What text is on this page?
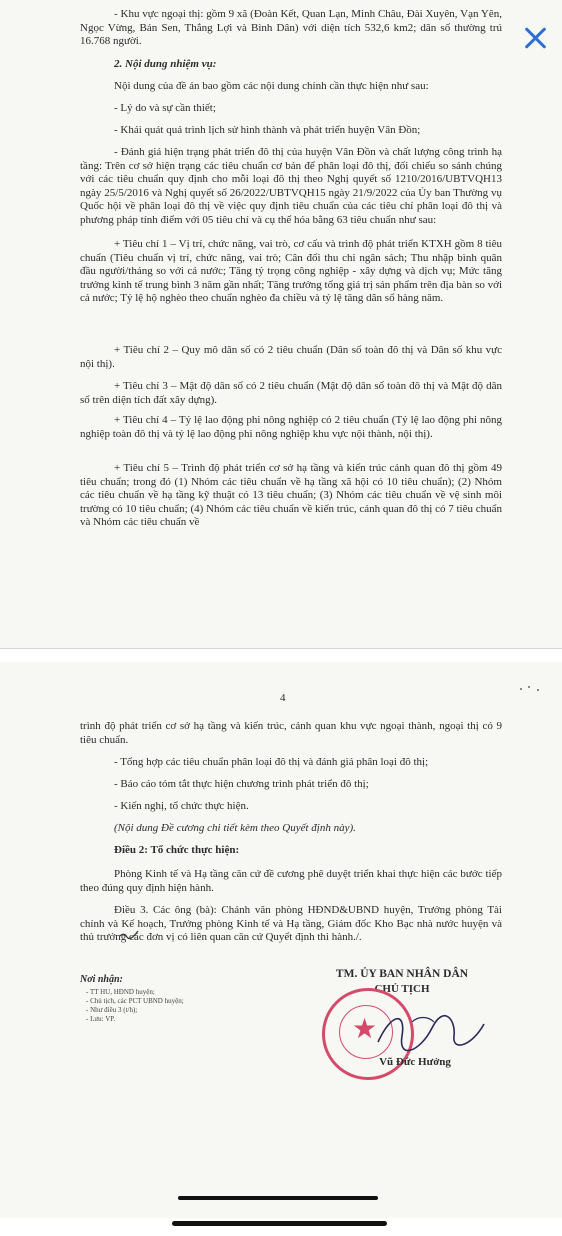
- Khu vực ngoại thị: gồm 9 xã (Đoàn Kết, Quan Lạn, Minh Châu, Đài Xuyên, Vạn Yên, Ngọc Vừng, Bản Sen, Thắng Lợi và Bình Dân) với diện tích 532,6 km2; dân số thường trú 16.768 người.

2. Nội dung nhiệm vụ:

Nội dung của đề án bao gồm các nội dung chính cần thực hiện như sau:

- Lý do và sự cần thiết;

- Khái quát quá trình lịch sử hình thành và phát triển huyện Vân Đồn;

- Đánh giá hiện trạng phát triển đô thị của huyện Vân Đồn và chất lượng công trình hạ tầng: Trên cơ sở hiện trạng các tiêu chuẩn cơ bản để phân loại đô thị, đối chiếu so sánh chúng với các tiêu chuẩn quy định cho mỗi loại đô thị theo Nghị quyết số 1210/2016/UBTVQH13 ngày 25/5/2016 và Nghị quyết số 26/2022/UBTVQH15 ngày 21/9/2022 của Ủy ban Thường vụ Quốc hội về phân loại đô thị về việc quy định tiêu chuẩn của các tiêu chí phân loại đô thị và phương pháp tính điểm với 05 tiêu chí và cụ thể hóa bằng 63 tiêu chuẩn như sau:

+ Tiêu chí 1 – Vị trí, chức năng, vai trò, cơ cấu và trình độ phát triển KTXH gồm 8 tiêu chuẩn (Tiêu chuẩn vị trí, chức năng, vai trò; Cân đối thu chi ngân sách; Thu nhập bình quân đầu người/tháng so với cả nước; Tăng tỷ trọng công nghiệp - xây dựng và dịch vụ; Mức tăng trưởng kinh tế trung bình 3 năm gần nhất; Tăng trưởng tổng giá trị sản phẩm trên địa bàn so với cả nước; Tỷ lệ hộ nghèo theo chuẩn nghèo đa chiều và tỷ lệ tăng dân số hàng năm.

+ Tiêu chí 2 – Quy mô dân số có 2 tiêu chuẩn (Dân số toàn đô thị và Dân số khu vực nội thị).

+ Tiêu chí 3 – Mật độ dân số có 2 tiêu chuẩn (Mật độ dân số toàn đô thị và Mật độ dân số trên diện tích đất xây dựng).

+ Tiêu chí 4 – Tỷ lệ lao động phi nông nghiệp có 2 tiêu chuẩn (Tỷ lệ lao động phi nông nghiệp toàn đô thị và tỷ lệ lao động phi nông nghiệp khu vực nội thành, nội thị).

+ Tiêu chí 5 – Trình độ phát triển cơ sở hạ tầng và kiến trúc cảnh quan đô thị gồm 49 tiêu chuẩn; trong đó (1) Nhóm các tiêu chuẩn về hạ tầng xã hội có 10 tiêu chuẩn); (2) Nhóm các tiêu chuẩn về hạ tầng kỹ thuật có 13 tiêu chuẩn; (3) Nhóm các tiêu chuẩn về vệ sinh môi trường có 10 tiêu chuẩn; (4) Nhóm các tiêu chuẩn về kiến trúc, cảnh quan đô thị có 7 tiêu chuẩn và Nhóm các tiêu chuẩn về

4

trình độ phát triển cơ sở hạ tầng và kiến trúc, cảnh quan khu vực ngoại thành, ngoại thị có 9 tiêu chuẩn.

- Tổng hợp các tiêu chuẩn phân loại đô thị và đánh giá phân loại đô thị;

- Báo cáo tóm tắt thực hiện chương trình phát triển đô thị;

- Kiến nghị, tổ chức thực hiện.

(Nội dung Đề cương chi tiết kèm theo Quyết định này).

Điều 2: Tổ chức thực hiện:

Phòng Kinh tế và Hạ tầng căn cứ đề cương phê duyệt triển khai thực hiện các bước tiếp theo đúng quy định hiện hành.

Điều 3. Các ông (bà): Chánh văn phòng HĐND&UBND huyện, Trưởng phòng Tài chính và Kế hoạch, Trưởng phòng Kinh tế và Hạ tầng, Giám đốc Kho Bạc nhà nước huyện và thủ trưởng các đơn vị có liên quan căn cứ Quyết định thi hành./.

Nơi nhận:
- TT HU, HĐND huyện;
- Chủ tịch, các PCT UBND huyện;
- Như điều 3 (t/h);
- Lưu: VP.
TM. ỦY BAN NHÂN DÂN
CHỦ TỊCH
★
Vũ Đức Hưởng
